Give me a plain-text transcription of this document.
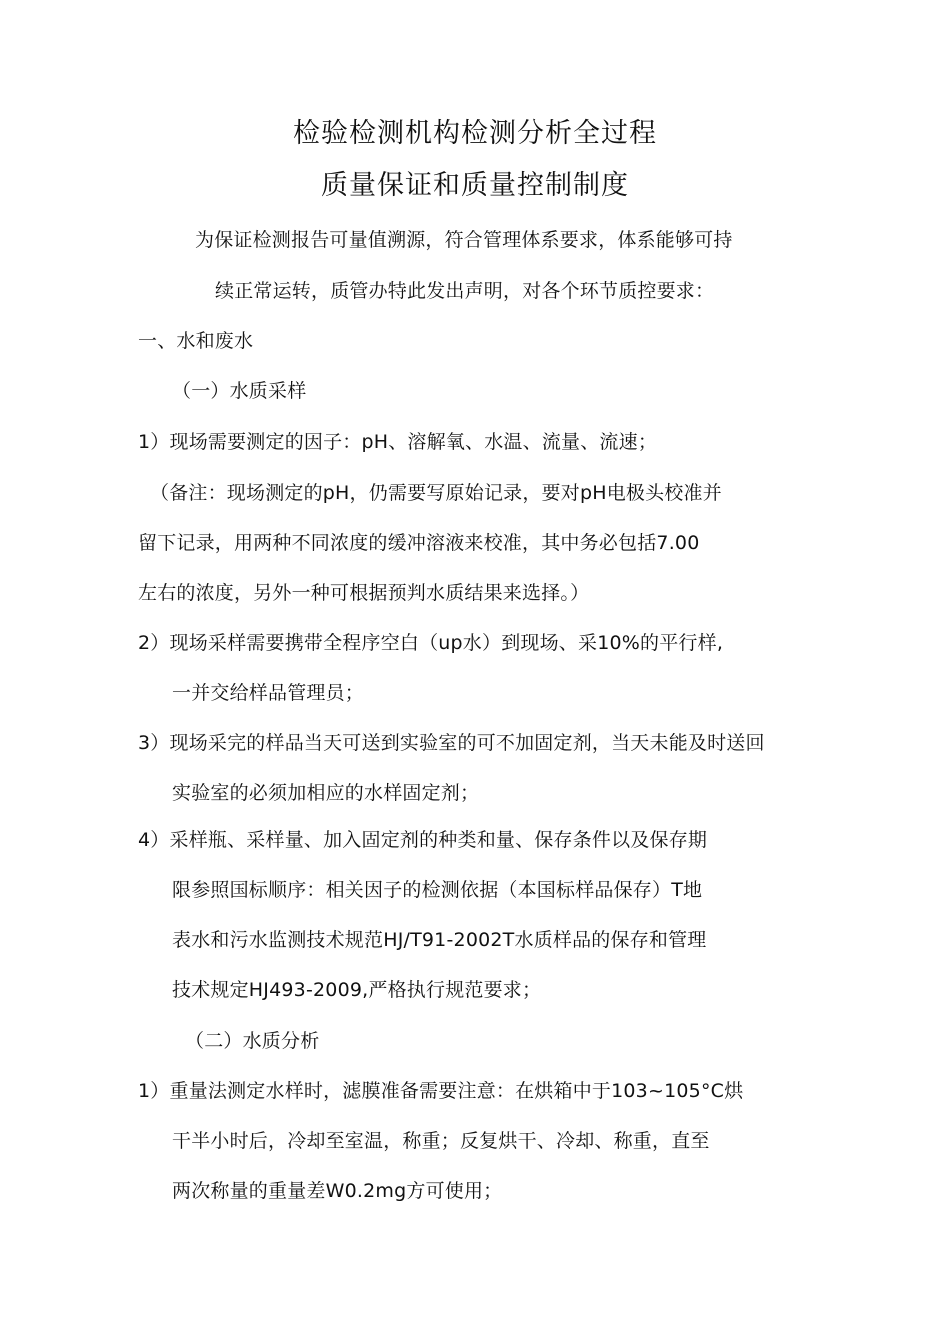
检验检测机构检测分析全过程
质量保证和质量控制制度
为保证检测报告可量值溯源，符合管理体系要求，体系能够可持
续正常运转，质管办特此发出声明，对各个环节质控要求：
一、水和废水
（一）水质采样
1）现场需要测定的因子：pH、溶解氧、水温、流量、流速；
（备注：现场测定的pH，仍需要写原始记录，要对pH电极头校准并
留下记录，用两种不同浓度的缓冲溶液来校准，其中务必包括7.00
左右的浓度，另外一种可根据预判水质结果来选择。）
2）现场采样需要携带全程序空白（up水）到现场、采10%的平行样,
一并交给样品管理员；
3）现场采完的样品当天可送到实验室的可不加固定剂，当天未能及时送回
实验室的必须加相应的水样固定剂；
4）采样瓶、采样量、加入固定剂的种类和量、保存条件以及保存期
限参照国标顺序：相关因子的检测依据（本国标样品保存）T地
表水和污水监测技术规范HJ/T91-2002T水质样品的保存和管理
技术规定HJ493-2009,严格执行规范要求；
（二）水质分析
1）重量法测定水样时，滤膜准备需要注意：在烘箱中于103~105°C烘
干半小时后，冷却至室温，称重；反复烘干、冷却、称重，直至
两次称量的重量差W0.2mg方可使用；
